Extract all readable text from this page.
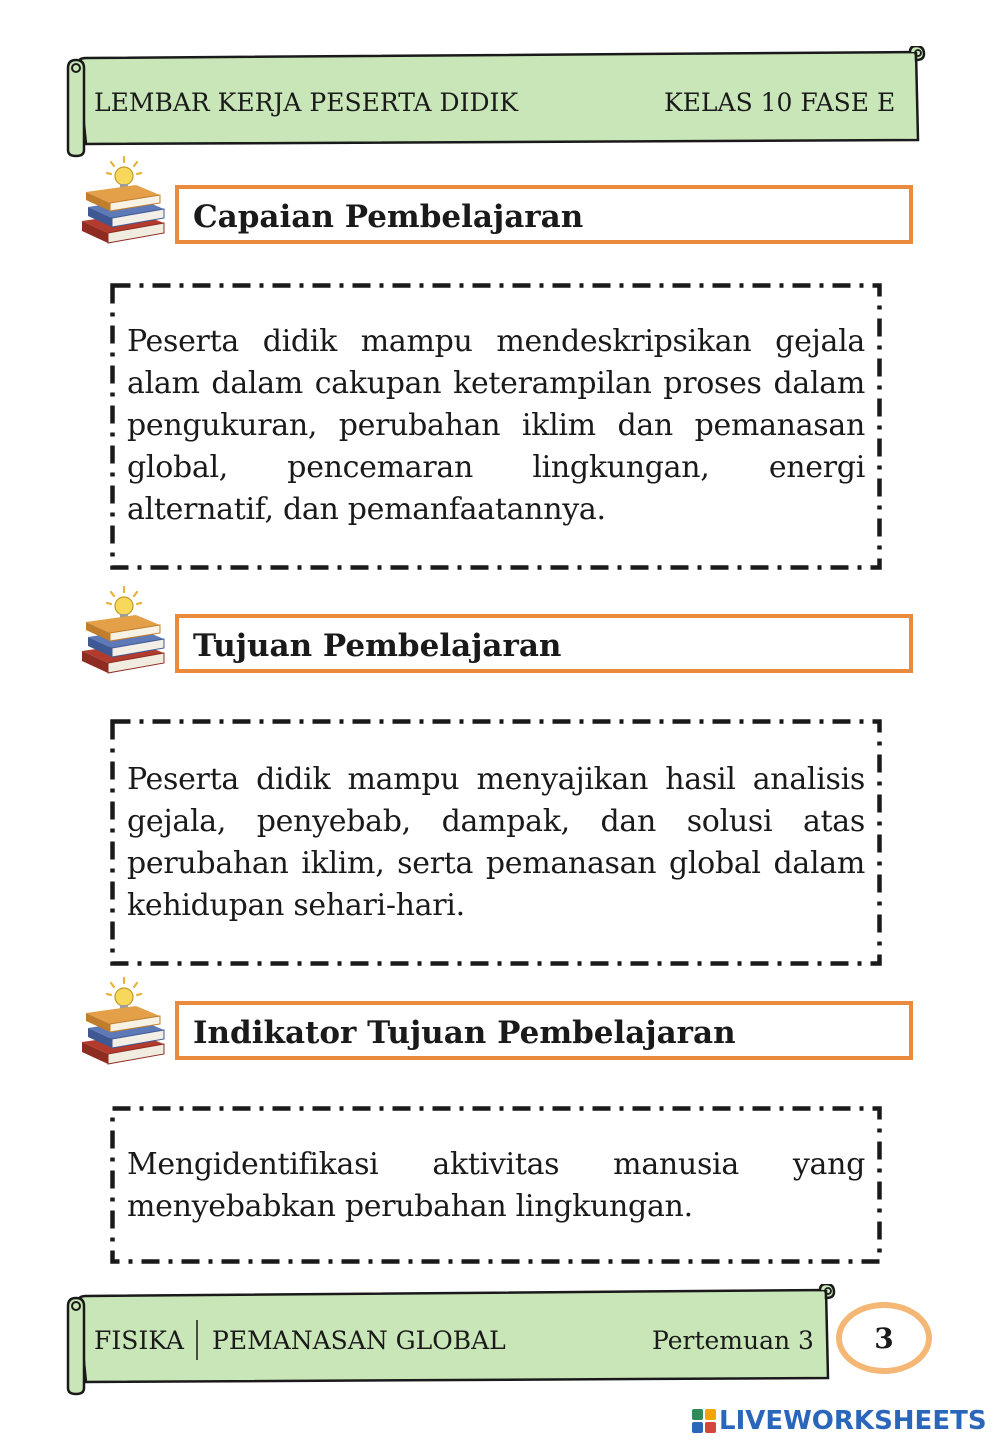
LEMBAR KERJA PESERTA DIDIK	KELAS 10 FASE E
Capaian Pembelajaran
Peserta didik mampu mendeskripsikan gejala alam dalam cakupan keterampilan proses dalam pengukuran, perubahan iklim dan pemanasan global, pencemaran lingkungan, energi alternatif, dan pemanfaatannya.
Tujuan Pembelajaran
Peserta didik mampu menyajikan hasil analisis gejala, penyebab, dampak, dan solusi atas perubahan iklim, serta pemanasan global dalam kehidupan sehari-hari.
Indikator Tujuan Pembelajaran
Mengidentifikasi aktivitas manusia yang menyebabkan perubahan lingkungan.
FISIKA PEMANASAN GLOBAL	Pertemuan 3 3
LIVEWORKSHEETS
